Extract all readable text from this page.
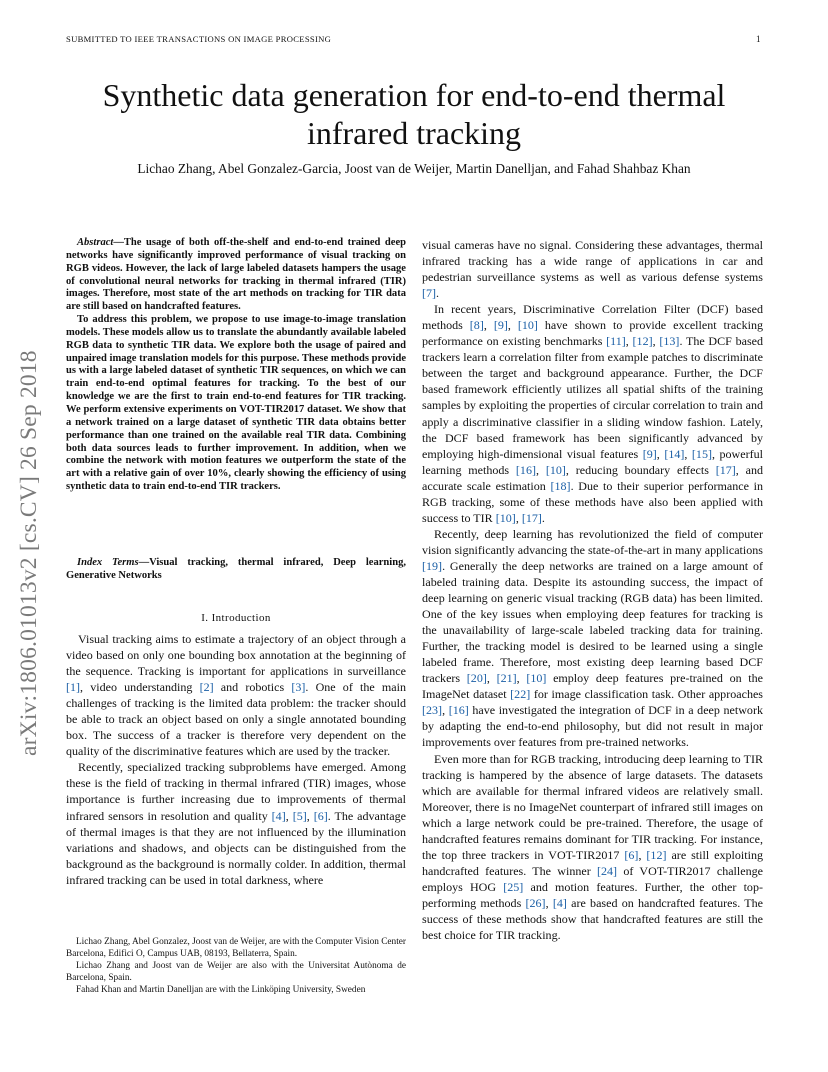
SUBMITTED TO IEEE TRANSACTIONS ON IMAGE PROCESSING	1
Synthetic data generation for end-to-end thermal infrared tracking
Lichao Zhang, Abel Gonzalez-Garcia, Joost van de Weijer, Martin Danelljan, and Fahad Shahbaz Khan
arXiv:1806.01013v2 [cs.CV] 26 Sep 2018

Abstract—The usage of both off-the-shelf and end-to-end trained deep networks have significantly improved performance of visual tracking on RGB videos. However, the lack of large labeled datasets hampers the usage of convolutional neural networks for tracking in thermal infrared (TIR) images. Therefore, most state of the art methods on tracking for TIR data are still based on handcrafted features.

To address this problem, we propose to use image-to-image translation models. These models allow us to translate the abundantly available labeled RGB data to synthetic TIR data. We explore both the usage of paired and unpaired image translation models for this purpose. These methods provide us with a large labeled dataset of synthetic TIR sequences, on which we can train end-to-end optimal features for tracking. To the best of our knowledge we are the first to train end-to-end features for TIR tracking. We perform extensive experiments on VOT-TIR2017 dataset. We show that a network trained on a large dataset of synthetic TIR data obtains better performance than one trained on the available real TIR data. Combining both data sources leads to further improvement. In addition, when we combine the network with motion features we outperform the state of the art with a relative gain of over 10%, clearly showing the efficiency of using synthetic data to train end-to-end TIR trackers.

Index Terms—Visual tracking, thermal infrared, Deep learning, Generative Networks

I. Introduction

Visual tracking aims to estimate a trajectory of an object through a video based on only one bounding box annotation at the beginning of the sequence. Tracking is important for applications in surveillance [1], video understanding [2] and robotics [3]. One of the main challenges of tracking is the limited data problem: the tracker should be able to track an object based on only a single annotated bounding box. The success of a tracker is therefore very dependent on the quality of the discriminative features which are used by the tracker.

Recently, specialized tracking subproblems have emerged. Among these is the field of tracking in thermal infrared (TIR) images, whose importance is further increasing due to improvements of thermal infrared sensors in resolution and quality [4], [5], [6]. The advantage of thermal images is that they are not influenced by the illumination variations and shadows, and objects can be distinguished from the background as the background is normally colder. In addition, thermal infrared tracking can be used in total darkness, where

Lichao Zhang, Abel Gonzalez, Joost van de Weijer, are with the Computer Vision Center Barcelona, Edifici O, Campus UAB, 08193, Bellaterra, Spain.

Lichao Zhang and Joost van de Weijer are also with the Universitat Autònoma de Barcelona, Spain.

Fahad Khan and Martin Danelljan are with the Linköping University, Sweden

visual cameras have no signal. Considering these advantages, thermal infrared tracking has a wide range of applications in car and pedestrian surveillance systems as well as various defense systems [7].

In recent years, Discriminative Correlation Filter (DCF) based methods [8], [9], [10] have shown to provide excellent tracking performance on existing benchmarks [11], [12], [13]. The DCF based trackers learn a correlation filter from example patches to discriminate between the target and background appearance. Further, the DCF based framework efficiently utilizes all spatial shifts of the training samples by exploiting the properties of circular correlation to train and apply a discriminative classifier in a sliding window fashion. Lately, the DCF based framework has been significantly advanced by employing high-dimensional visual features [9], [14], [15], powerful learning methods [16], [10], reducing boundary effects [17], and accurate scale estimation [18]. Due to their superior performance in RGB tracking, some of these methods have also been applied with success to TIR [10], [17].

Recently, deep learning has revolutionized the field of computer vision significantly advancing the state-of-the-art in many applications [19]. Generally the deep networks are trained on a large amount of labeled training data. Despite its astounding success, the impact of deep learning on generic visual tracking (RGB data) has been limited. One of the key issues when employing deep features for tracking is the unavailability of large-scale labeled tracking data for training. Further, the tracking model is desired to be learned using a single labeled frame. Therefore, most existing deep learning based DCF trackers [20], [21], [10] employ deep features pre-trained on the ImageNet dataset [22] for image classification task. Other approaches [23], [16] have investigated the integration of DCF in a deep network by adapting the end-to-end philosophy, but did not result in major improvements over features from pre-trained networks.

Even more than for RGB tracking, introducing deep learning to TIR tracking is hampered by the absence of large datasets. The datasets which are available for thermal infrared videos are relatively small. Moreover, there is no ImageNet counterpart of infrared still images on which a large network could be pre-trained. Therefore, the usage of handcrafted features remains dominant for TIR tracking. For instance, the top three trackers in VOT-TIR2017 [6], [12] are still exploiting handcrafted features. The winner [24] of VOT-TIR2017 challenge employs HOG [25] and motion features. Further, the other top-performing methods [26], [4] are based on handcrafted features. The success of these methods show that handcrafted features are still the best choice for TIR tracking.
